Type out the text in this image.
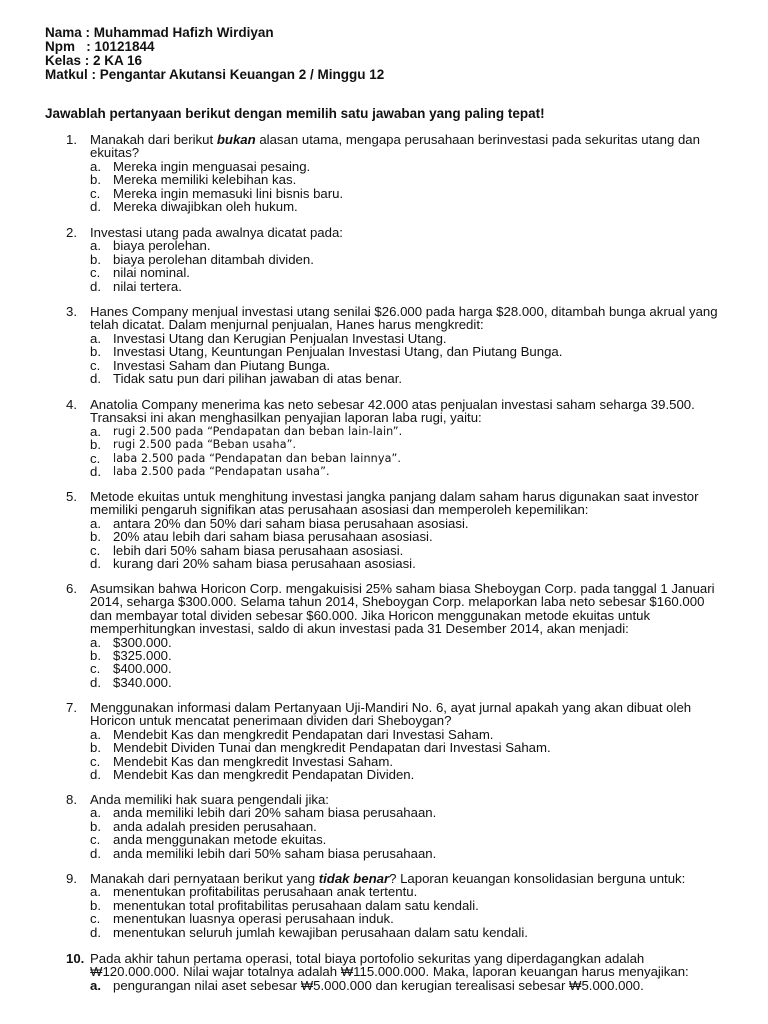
Nama : Muhammad Hafizh Wirdiyan
Npm   : 10121844
Kelas : 2 KA 16
Matkul : Pengantar Akutansi Keuangan 2 / Minggu 12
Jawablah pertanyaan berikut dengan memilih satu jawaban yang paling tepat!
1. Manakah dari berikut bukan alasan utama, mengapa perusahaan berinvestasi pada sekuritas utang dan ekuitas?
a. Mereka ingin menguasai pesaing.
b. Mereka memiliki kelebihan kas.
c. Mereka ingin memasuki lini bisnis baru.
d. Mereka diwajibkan oleh hukum.
2. Investasi utang pada awalnya dicatat pada:
a. biaya perolehan.
b. biaya perolehan ditambah dividen.
c. nilai nominal.
d. nilai tertera.
3. Hanes Company menjual investasi utang senilai $26.000 pada harga $28.000, ditambah bunga akrual yang telah dicatat. Dalam menjurnal penjualan, Hanes harus mengkredit:
a. Investasi Utang dan Kerugian Penjualan Investasi Utang.
b. Investasi Utang, Keuntungan Penjualan Investasi Utang, dan Piutang Bunga.
c. Investasi Saham dan Piutang Bunga.
d. Tidak satu pun dari pilihan jawaban di atas benar.
4. Anatolia Company menerima kas neto sebesar 42.000 atas penjualan investasi saham seharga 39.500. Transaksi ini akan menghasilkan penyajian laporan laba rugi, yaitu:
a.	rugi 2.500 pada “Pendapatan dan beban lain-lain”.
b.	rugi 2.500 pada “Beban usaha”.
c.	laba 2.500 pada “Pendapatan dan beban lainnya”.
d.	laba 2.500 pada “Pendapatan usaha”.
5. Metode ekuitas untuk menghitung investasi jangka panjang dalam saham harus digunakan saat investor memiliki pengaruh signifikan atas perusahaan asosiasi dan memperoleh kepemilikan:
a. antara 20% dan 50% dari saham biasa perusahaan asosiasi.
b. 20% atau lebih dari saham biasa perusahaan asosiasi.
c. lebih dari 50% saham biasa perusahaan asosiasi.
d. kurang dari 20% saham biasa perusahaan asosiasi.
6. Asumsikan bahwa Horicon Corp. mengakuisisi 25% saham biasa Sheboygan Corp. pada tanggal 1 Januari 2014, seharga $300.000. Selama tahun 2014, Sheboygan Corp. melaporkan laba neto sebesar $160.000 dan membayar total dividen sebesar $60.000. Jika Horicon menggunakan metode ekuitas untuk memperhitungkan investasi, saldo di akun investasi pada 31 Desember 2014, akan menjadi:
a. $300.000.
b. $325.000.
c. $400.000.
d. $340.000.
7. Menggunakan informasi dalam Pertanyaan Uji-Mandiri No. 6, ayat jurnal apakah yang akan dibuat oleh Horicon untuk mencatat penerimaan dividen dari Sheboygan?
a. Mendebit Kas dan mengkredit Pendapatan dari Investasi Saham.
b. Mendebit Dividen Tunai dan mengkredit Pendapatan dari Investasi Saham.
c. Mendebit Kas dan mengkredit Investasi Saham.
d. Mendebit Kas dan mengkredit Pendapatan Dividen.
8. Anda memiliki hak suara pengendali jika:
a. anda memiliki lebih dari 20% saham biasa perusahaan.
b. anda adalah presiden perusahaan.
c. anda menggunakan metode ekuitas.
d. anda memiliki lebih dari 50% saham biasa perusahaan.
9. Manakah dari pernyataan berikut yang tidak benar? Laporan keuangan konsolidasian berguna untuk:
a. menentukan profitabilitas perusahaan anak tertentu.
b. menentukan total profitabilitas perusahaan dalam satu kendali.
c. menentukan luasnya operasi perusahaan induk.
d. menentukan seluruh jumlah kewajiban perusahaan dalam satu kendali.
10. Pada akhir tahun pertama operasi, total biaya portofolio sekuritas yang diperdagangkan adalah ₩120.000.000. Nilai wajar totalnya adalah ₩115.000.000. Maka, laporan keuangan harus menyajikan:
a. pengurangan nilai aset sebesar ₩5.000.000 dan kerugian terealisasi sebesar ₩5.000.000.
